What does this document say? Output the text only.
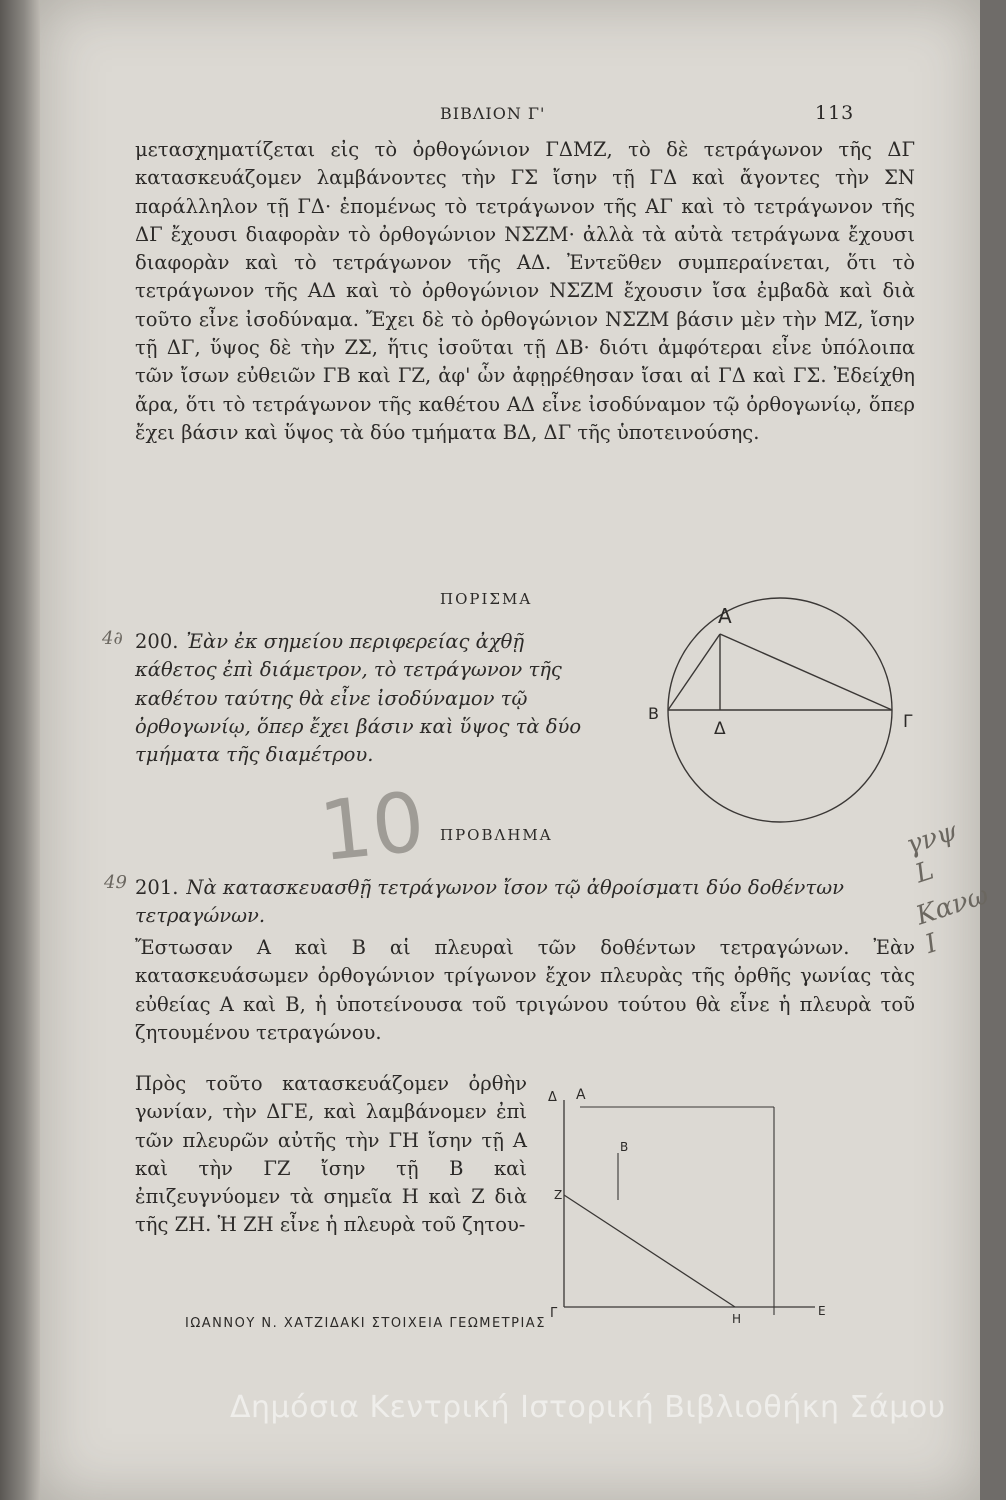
ΒΙΒΛΙΟΝ Γ'	113

μετασχηματίζεται εἰς τὸ ὀρθογώνιον ΓΔΜΖ, τὸ δὲ τετράγωνον τῆς ΔΓ κατασκευάζομεν λαμβάνοντες τὴν ΓΣ ἴσην τῇ ΓΔ καὶ ἄγοντες τὴν ΣΝ παράλληλον τῇ ΓΔ· ἑπομένως τὸ τετράγωνον τῆς ΑΓ καὶ τὸ τετράγωνον τῆς ΔΓ ἔχουσι διαφορὰν τὸ ὀρθογώνιον ΝΣΖΜ· ἀλλὰ τὰ αὐτὰ τετράγωνα ἔχουσι διαφορὰν καὶ τὸ τετράγωνον τῆς ΑΔ. Ἐντεῦθεν συμπεραίνεται, ὅτι τὸ τετράγωνον τῆς ΑΔ καὶ τὸ ὀρθογώνιον ΝΣΖΜ ἔχουσιν ἴσα ἐμβαδὰ καὶ διὰ τοῦτο εἶνε ἰσοδύναμα. Ἔχει δὲ τὸ ὀρθογώνιον ΝΣΖΜ βάσιν μὲν τὴν ΜΖ, ἴσην τῇ ΔΓ, ὕψος δὲ τὴν ΖΣ, ἥτις ἰσοῦται τῇ ΔΒ· διότι ἀμφότεραι εἶνε ὑπόλοιπα τῶν ἴσων εὐθειῶν ΓΒ καὶ ΓΖ, ἀφ' ὧν ἀφῃρέθησαν ἴσαι αἱ ΓΔ καὶ ΓΣ. Ἐδείχθη ἄρα, ὅτι τὸ τετράγωνον τῆς καθέτου ΑΔ εἶνε ἰσοδύναμον τῷ ὀρθογωνίῳ, ὅπερ ἔχει βάσιν καὶ ὕψος τὰ δύο τμήματα ΒΔ, ΔΓ τῆς ὑποτεινούσης.

ΠΟΡΙΣΜΑ

200. Ἐὰν ἐκ σημείου περιφερείας ἀχθῇ κάθετος ἐπὶ διάμετρον, τὸ τετράγωνον τῆς καθέτου ταύτης θὰ εἶνε ἰσοδύναμον τῷ ὀρθογωνίῳ, ὅπερ ἔχει βάσιν καὶ ὕψος τὰ δύο τμήματα τῆς διαμέτρου.

A
B
Δ	Γ
ΠΡΟΒΛΗΜΑ

201. Νὰ κατασκευασθῇ τετράγωνον ἴσον τῷ ἀθροίσματι δύο δοθέντων τετραγώνων.

Ἔστωσαν Α καὶ Β αἱ πλευραὶ τῶν δοθέντων τετραγώνων. Ἐὰν κατασκευάσωμεν ὀρθογώνιον τρίγωνον ἔχον πλευρὰς τῆς ὀρθῆς γωνίας τὰς εὐθείας Α καὶ Β, ἡ ὑποτείνουσα τοῦ τριγώνου τούτου θὰ εἶνε ἡ πλευρὰ τοῦ ζητουμένου τετραγώνου.

Πρὸς τοῦτο κατασκευάζομεν ὀρθὴν γωνίαν, τὴν ΔΓΕ, καὶ λαμβάνομεν ἐπὶ τῶν πλευρῶν αὐτῆς τὴν ΓΗ ἴσην τῇ Α καὶ τὴν ΓΖ ἴσην τῇ Β καὶ ἐπιζευγνύομεν τὰ σημεῖα Η καὶ Ζ διὰ τῆς ΖΗ. Ἡ ΖΗ εἶνε ἡ πλευρὰ τοῦ ζητου-

Δ A
B
Z
Γ	E
H
ΙΩΑΝΝΟΥ Ν. ΧΑΤΖΙΔΑΚΙ ΣΤΟΙΧΕΙΑ ΓΕΩΜΕΤΡΙΑΣ
10
4∂
49
γνψ L
Κανω Ι
Δημόσια Κεντρική Ιστορική Βιβλιοθήκη Σάμου
